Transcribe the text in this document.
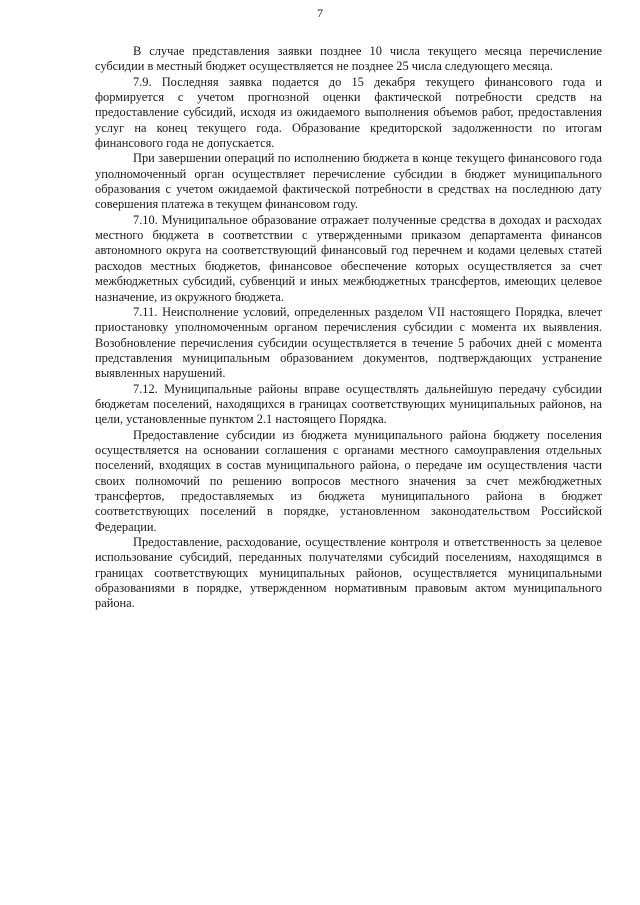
7

В случае представления заявки позднее 10 числа текущего месяца перечисление субсидии в местный бюджет осуществляется не позднее 25 числа следующего месяца.

7.9. Последняя заявка подается до 15 декабря текущего финансового года и формируется с учетом прогнозной оценки фактической потребности средств на предоставление субсидий, исходя из ожидаемого выполнения объемов работ, предоставления услуг на конец текущего года. Образование кредиторской задолженности по итогам финансового года не допускается.

При завершении операций по исполнению бюджета в конце текущего финансового года уполномоченный орган осуществляет перечисление субсидии в бюджет муниципального образования с учетом ожидаемой фактической потребности в средствах на последнюю дату совершения платежа в текущем финансовом году.

7.10. Муниципальное образование отражает полученные средства в доходах и расходах местного бюджета в соответствии с утвержденными приказом департамента финансов автономного округа на соответствующий финансовый год перечнем и кодами целевых статей расходов местных бюджетов, финансовое обеспечение которых осуществляется за счет межбюджетных субсидий, субвенций и иных межбюджетных трансфертов, имеющих целевое назначение, из окружного бюджета.

7.11. Неисполнение условий, определенных разделом VII настоящего Порядка, влечет приостановку уполномоченным органом перечисления субсидии с момента их выявления. Возобновление перечисления субсидии осуществляется в течение 5 рабочих дней с момента представления муниципальным образованием документов, подтверждающих устранение выявленных нарушений.

7.12. Муниципальные районы вправе осуществлять дальнейшую передачу субсидии бюджетам поселений, находящихся в границах соответствующих муниципальных районов, на цели, установленные пунктом 2.1 настоящего Порядка.

Предоставление субсидии из бюджета муниципального района бюджету поселения осуществляется на основании соглашения с органами местного самоуправления отдельных поселений, входящих в состав муниципального района, о передаче им осуществления части своих полномочий по решению вопросов местного значения за счет межбюджетных трансфертов, предоставляемых из бюджета муниципального района в бюджет соответствующих поселений в порядке, установленном законодательством Российской Федерации.

Предоставление, расходование, осуществление контроля и ответственность за целевое использование субсидий, переданных получателями субсидий поселениям, находящимся в границах соответствующих муниципальных районов, осуществляется муниципальными образованиями в порядке, утвержденном нормативным правовым актом муниципального района.
